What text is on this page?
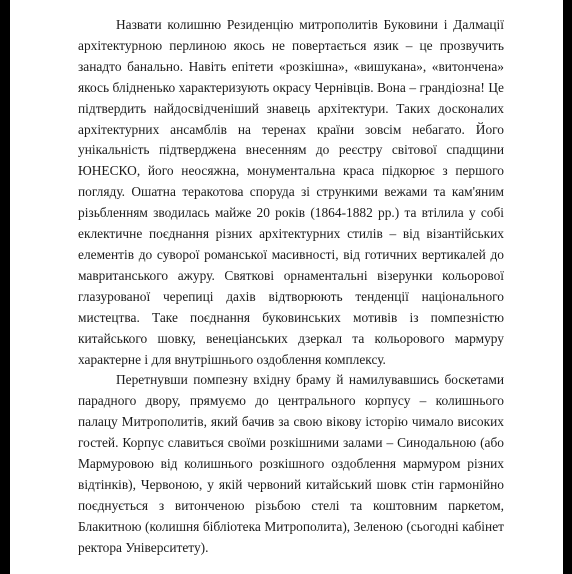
Назвати колишню Резиденцію митрополитів Буковини і Далмації архітектурною перлиною якось не повертається язик – це прозвучить занадто банально. Навіть епітети «розкішна», «вишукана», «витончена» якось блідненько характеризують окрасу Чернівців. Вона – грандіозна! Це підтвердить найдосвідченіший знавець архітектури. Таких досконалих архітектурних ансамблів на теренах країни зовсім небагато. Його унікальність підтверджена внесенням до реєстру світової спадщини ЮНЕСКО, його неосяжна, монументальна краса підкорює з першого погляду. Ошатна теракотова споруда зі стрункими вежами та кам'яним різьбленням зводилась майже 20 років (1864-1882 рр.) та втілила у собі еклектичне поєднання різних архітектурних стилів – від візантійських елементів до суворої романської масивності, від готичних вертикалей до мавританського ажуру. Святкові орнаментальні візерунки кольорової глазурованої черепиці дахів відтворюють тенденції національного мистецтва. Таке поєднання буковинських мотивів із помпезністю китайського шовку, венеціанських дзеркал та кольорового мармуру характерне і для внутрішнього оздоблення комплексу.

Перетнувши помпезну вхідну браму й намилувавшись боскетами парадного двору, прямуємо до центрального корпусу – колишнього палацу Митрополитів, який бачив за свою вікову історію чимало високих гостей. Корпус славиться своїми розкішними залами – Синодальною (або Мармуровою від колишнього розкішного оздоблення мармуром різних відтінків), Червоною, у якій червоний китайський шовк стін гармонійно поєднується з витонченою різьбою стелі та коштовним паркетом, Блакитною (колишня бібліотека Митрополита), Зеленою (сьогодні кабінет ректора Університету).
